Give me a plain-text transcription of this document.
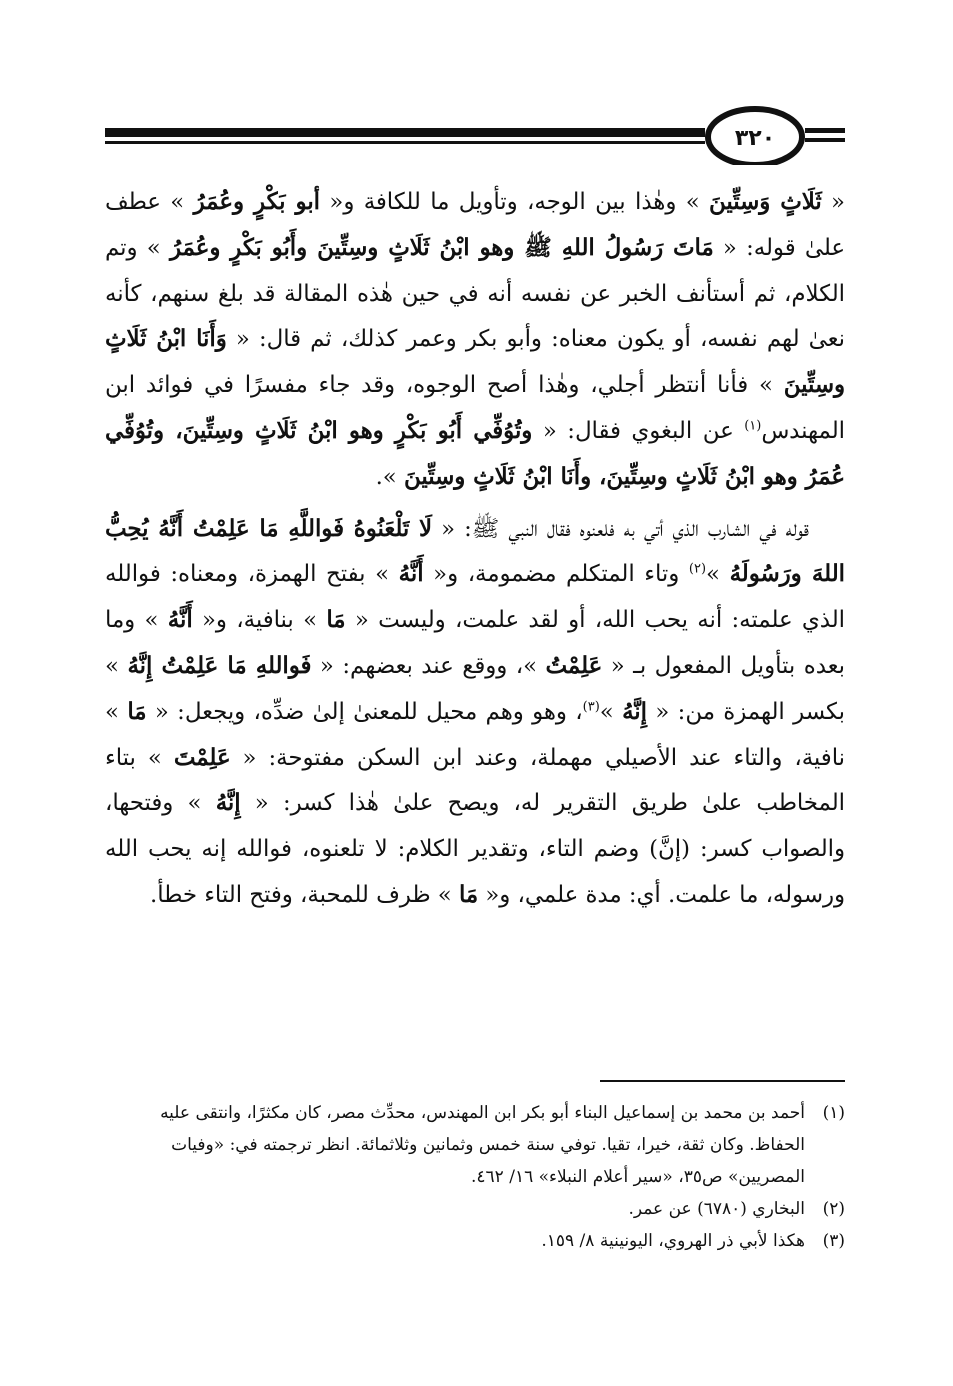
٣٢٠

« ثَلَاثٍ وَسِتِّينَ » وهٰذا بين الوجه، وتأويل ما للكافة و« أبو بَكْرٍ وعُمَرُ » عطف علىٰ قوله: « مَاتَ رَسُولُ اللهِ ﷺ وهو ابْنُ ثَلَاثٍ وسِتِّينَ وأَبُو بَكْرٍ وعُمَرُ » وتم الكلام، ثم أستأنف الخبر عن نفسه أنه في حين هٰذه المقالة قد بلغ سنهم، كأنه نعىٰ لهم نفسه، أو يكون معناه: وأبو بكر وعمر كذلك، ثم قال: « وَأَنَا ابْنُ ثَلَاثٍ وسِتِّينَ » فأنا أنتظر أجلي، وهٰذا أصح الوجوه، وقد جاء مفسرًا في فوائد ابن المهندس$^{(١)}$ عن البغوي فقال: « وتُوُفِّي أَبُو بَكْرٍ وهو ابْنُ ثَلَاثٍ وسِتِّينَ، وتُوُفِّي عُمَرُ وهو ابْنُ ثَلَاثٍ وسِتِّينَ، وأَنَا ابْنُ ثَلَاثٍ وسِتِّينَ ».

قوله في الشارب الذي أتي به فلعنوه فقال النبي ﷺ: « لَا تَلْعَنُوهُ فَواللَّهِ مَا عَلِمْتُ أَنَّهُ يُحِبُّ اللهَ ورَسُولَهُ »$^{(٢)}$ وتاء المتكلم مضمومة، و« أَنَّهُ » بفتح الهمزة، ومعناه: فوالله الذي علمته: أنه يحب الله، أو لقد علمت، وليست « مَا » بنافية، و« أَنَّهُ » وما بعده بتأويل المفعول بـ « عَلِمْتُ »، ووقع عند بعضهم: « فَواللهِ مَا عَلِمْتُ إِنَّهُ » بكسر الهمزة من: « إِنَّهُ »$^{(٣)}$، وهو وهم محيل للمعنىٰ إلىٰ ضدِّه، ويجعل: « مَا » نافية، والتاء عند الأصيلي مهملة، وعند ابن السكن مفتوحة: « عَلِمْتَ » بتاء المخاطب علىٰ طريق التقرير له، ويصح علىٰ هٰذا كسر: « إِنَّهُ » وفتحها، والصواب كسر: (إنَّ) وضم التاء، وتقدير الكلام: لا تلعنوه، فوالله إنه يحب الله ورسوله، ما علمت. أي: مدة علمي، و« مَا » ظرف للمحبة، وفتح التاء خطأ.

(١)
أحمد بن محمد بن إسماعيل البناء أبو بكر ابن المهندس، محدِّث مصر، كان مكثرًا، وانتقى عليه الحفاظ. وكان ثقة، خيرا، تقيا. توفي سنة خمس وثمانين وثلاثمائة. انظر ترجمته في: «وفيات المصريين» ص٣٥، «سير أعلام النبلاء» ١٦/ ٤٦٢.
(٢)
البخاري (٦٧٨٠) عن عمر.
(٣)
هكذا لأبي ذر الهروي، اليونينية ٨/ ١٥٩.
